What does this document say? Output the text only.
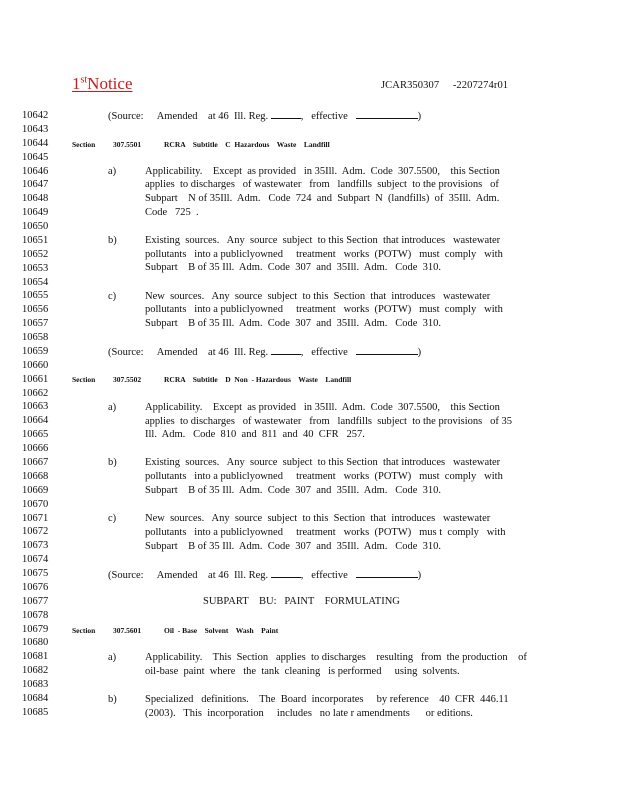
1stNotice	JCAR350307 -2207274r01
10642
10643
10644
10645
10646
10647
10648
10649
10650
10651
10652
10653
10654
10655
10656
10657
10658
10659
10660
10661
10662
10663
10664
10665
10666
10667
10668
10669
10670
10671
10672
10673
10674
10675
10676
10677
10678
10679
10680
10681
10682
10683
10684
10685
(Source: Amended at 46 Ill. Reg.	, effective	)
Section 307.5501	RCRA    Subtitle    C  Hazardous    Waste    Landfill
a)	Applicability.    Except  as provided   in 35Ill.  Adm.  Code  307.5500,    this Section
applies  to discharges   of wastewater   from   landfills  subject  to the provisions   of
Subpart    N of 35Ill.  Adm.   Code  724  and  Subpart  N  (landfills)  of  35Ill.  Adm.
Code   725  .
b)	Existing  sources.   Any  source  subject  to this Section  that introduces   wastewater
pollutants   into a publiclyowned     treatment   works  (POTW)   must  comply   with
Subpart    B of 35 Ill.  Adm.  Code  307  and  35Ill.  Adm.   Code  310.
c)	New  sources.   Any  source  subject  to this  Section  that  introduces   wastewater
pollutants   into a publiclyowned     treatment   works  (POTW)   must  comply   with
Subpart    B of 35 Ill.  Adm.  Code  307  and  35Ill.  Adm.   Code  310.
(Source: Amended at 46 Ill. Reg.	, effective	)
Section 307.5502	RCRA    Subtitle    D  Non  - Hazardous    Waste    Landfill
a)	Applicability.    Except  as provided   in 35Ill.  Adm.  Code  307.5500,    this Section
applies  to discharges   of wastewater   from   landfills  subject  to the provisions   of 35
Ill.  Adm.   Code  810  and  811  and  40  CFR   257.
b)	Existing  sources.   Any  source  subject  to this Section  that introduces   wastewater
pollutants   into a publiclyowned     treatment   works  (POTW)   must  comply   with
Subpart    B of 35 Ill.  Adm.  Code  307  and  35Ill.  Adm.   Code  310.
c)	New  sources.   Any  source  subject  to this  Section  that  introduces   wastewater
pollutants   into a publiclyowned     treatment   works  (POTW)   mus t  comply   with
Subpart    B of 35 Ill.  Adm.  Code  307  and  35Ill.  Adm.   Code  310.
(Source: Amended at 46 Ill. Reg.	, effective	)
SUBPART    BU:   PAINT    FORMULATING
Section 307.5601	Oil  - Base    Solvent    Wash    Paint
a)	Applicability.    This  Section   applies  to discharges    resulting   from  the production    of
oil-base  paint  where   the  tank  cleaning   is performed     using  solvents.
b)	Specialized   definitions.    The  Board  incorporates     by reference    40  CFR  446.11
(2003).   This  incorporation     includes   no late r amendments      or editions.
